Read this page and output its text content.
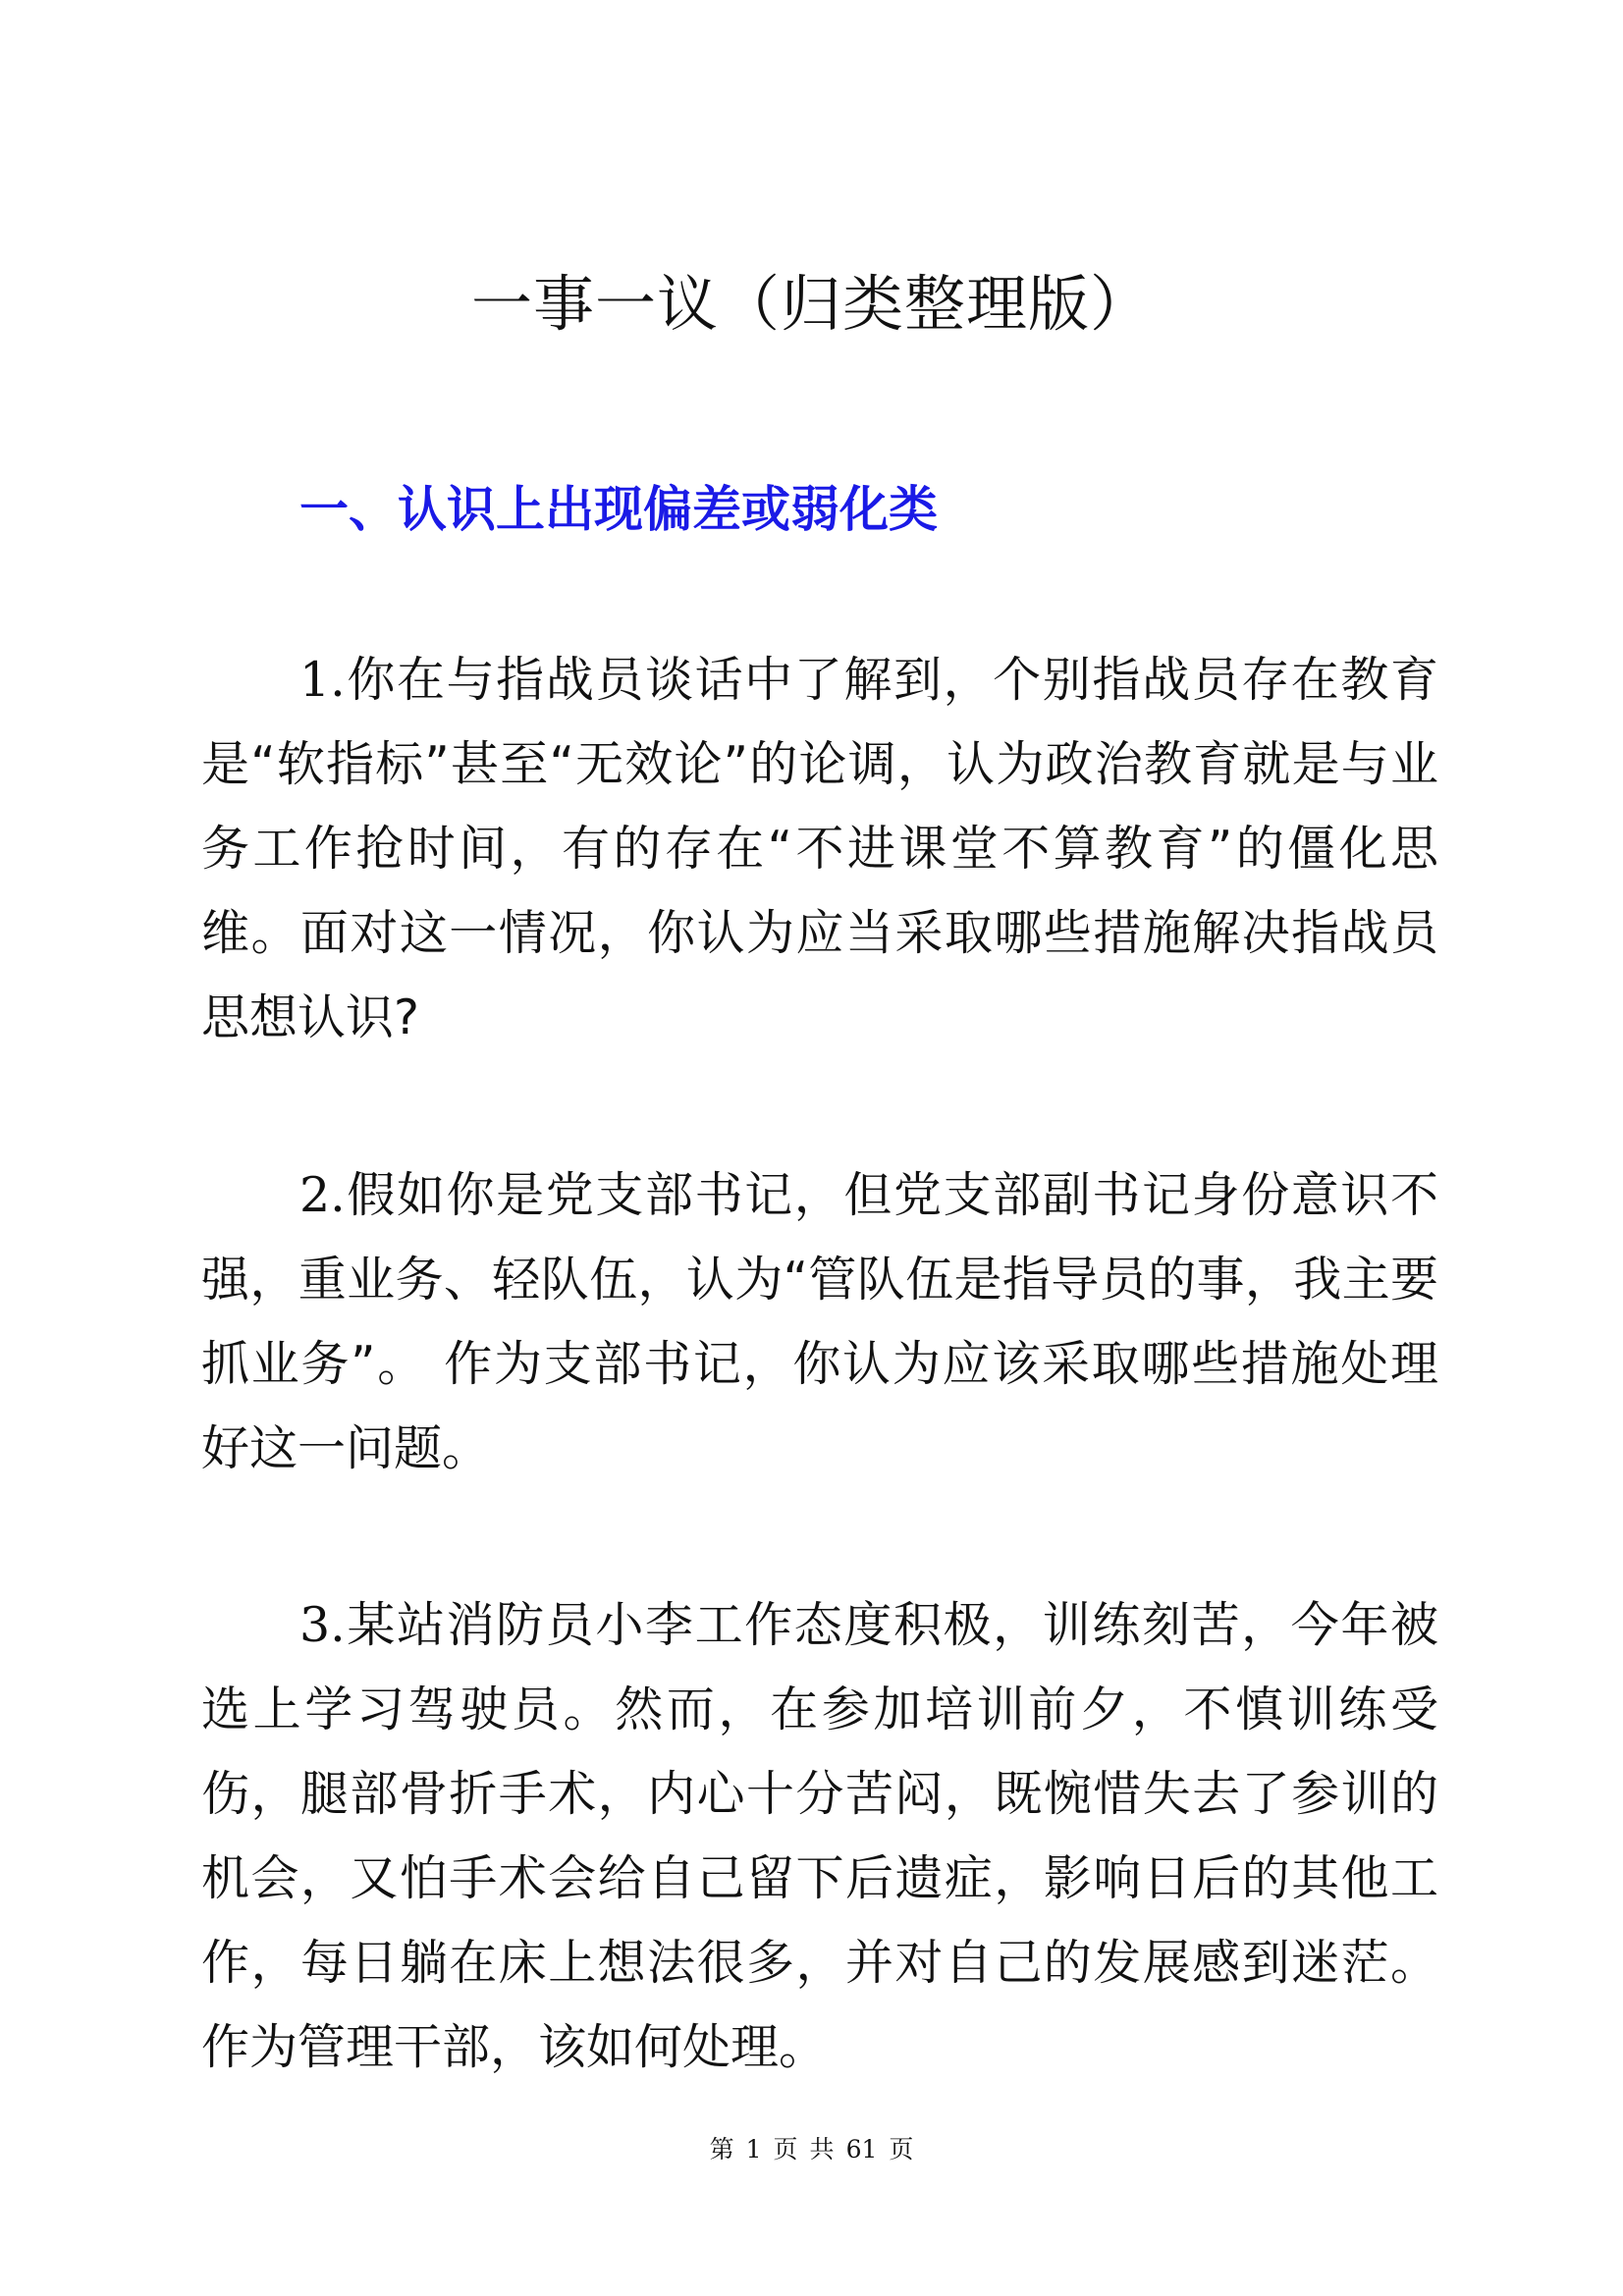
一事一议（归类整理版）
一、认识上出现偏差或弱化类
1.你在与指战员谈话中了解到，个别指战员存在教育是“软指标”甚至“无效论”的论调，认为政治教育就是与业务工作抢时间，有的存在“不进课堂不算教育”的僵化思维。面对这一情况，你认为应当采取哪些措施解决指战员思想认识?
2.假如你是党支部书记，但党支部副书记身份意识不强，重业务、轻队伍，认为“管队伍是指导员的事，我主要抓业务”。 作为支部书记，你认为应该采取哪些措施处理好这一问题。
3.某站消防员小李工作态度积极，训练刻苦，今年被选上学习驾驶员。然而，在参加培训前夕，不慎训练受伤，腿部骨折手术，内心十分苦闷，既惋惜失去了参训的机会，又怕手术会给自己留下后遗症，影响日后的其他工作，每日躺在床上想法很多，并对自己的发展感到迷茫。作为管理干部，该如何处理。
第 1 页 共 61 页
